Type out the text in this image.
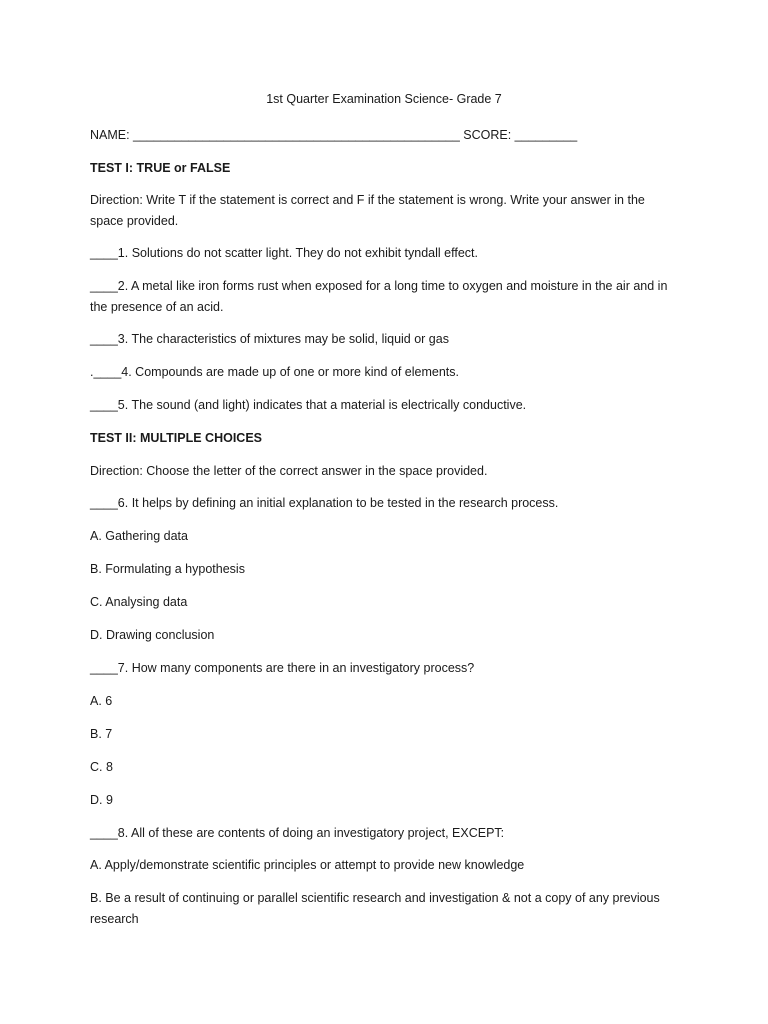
1st Quarter Examination Science- Grade 7
NAME: _______________________________________________ SCORE: _________
TEST I: TRUE or FALSE
Direction: Write T if the statement is correct and F if the statement is wrong. Write your answer in the space provided.
____1. Solutions do not scatter light. They do not exhibit tyndall effect.
____2. A metal like iron forms rust when exposed for a long time to oxygen and moisture in the air and in the presence of an acid.
____3. The characteristics of mixtures may be solid, liquid or gas
.____4. Compounds are made up of one or more kind of elements.
____5. The sound (and light) indicates that a material is electrically conductive.
TEST II: MULTIPLE CHOICES
Direction: Choose the letter of the correct answer in the space provided.
____6. It helps by defining an initial explanation to be tested in the research process.
A. Gathering data
B. Formulating a hypothesis
C. Analysing data
D. Drawing conclusion
____7. How many components are there in an investigatory process?
A. 6
B. 7
C. 8
D. 9
____8. All of these are contents of doing an investigatory project, EXCEPT:
A. Apply/demonstrate scientific principles or attempt to provide new knowledge
B. Be a result of continuing or parallel scientific research and investigation & not a copy of any previous research
